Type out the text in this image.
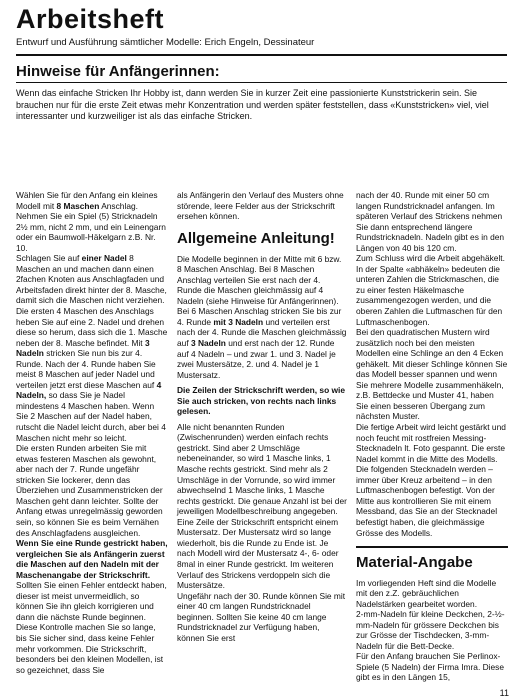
Arbeitsheft
Entwurf und Ausführung sämtlicher Modelle: Erich Engeln, Dessinateur
Hinweise für Anfängerinnen:
Wenn das einfache Stricken Ihr Hobby ist, dann werden Sie in kurzer Zeit eine passionierte Kunststrickerin sein. Sie brauchen nur für die erste Zeit etwas mehr Konzentration und werden später feststellen, dass «Kunststricken» viel, viel interessanter und kurzweiliger ist als das einfache Stricken.

Wählen Sie für den Anfang ein kleines Modell mit 8 Maschen Anschlag. Nehmen Sie ein Spiel (5) Stricknadeln 2½ mm, nicht 2 mm, und ein Leinengarn oder ein Baumwoll-Häkelgarn z.B. Nr. 10.

Schlagen Sie auf einer Nadel 8 Maschen an und machen dann einen 2fachen Knoten aus Anschlagfaden und Arbeitsfaden direkt hinter der 8. Masche, damit sich die Maschen nicht verziehen. Die ersten 4 Maschen des Anschlags heben Sie auf eine 2. Nadel und drehen diese so herum, dass sich die 1. Masche neben der 8. Masche befindet. Mit 3 Nadeln stricken Sie nun bis zur 4. Runde. Nach der 4. Runde haben Sie meist 8 Maschen auf jeder Nadel und verteilen jetzt erst diese Maschen auf 4 Nadeln, so dass Sie je Nadel mindestens 4 Maschen haben. Wenn Sie 2 Maschen auf der Nadel haben, rutscht die Nadel leicht durch, aber bei 4 Maschen nicht mehr so leicht.

Die ersten Runden arbeiten Sie mit etwas festeren Maschen als gewohnt, aber nach der 7. Runde ungefähr stricken Sie lockerer, denn das Überziehen und Zusammenstricken der Maschen geht dann leichter. Sollte der Anfang etwas unregelmässig geworden sein, so können Sie es beim Vernähen des Anschlagfadens ausgleichen.

Wenn Sie eine Runde gestrickt haben, vergleichen Sie als Anfängerin zuerst die Maschen auf den Nadeln mit der Maschenangabe der Strickschrift. Sollten Sie einen Fehler entdeckt haben, dieser ist meist unvermeidlich, so können Sie ihn gleich korrigieren und dann die nächste Runde beginnen. Diese Kontrolle machen Sie so lange, bis Sie sicher sind, dass keine Fehler mehr vorkommen. Die Strickschrift, besonders bei den kleinen Modellen, ist so gezeichnet, dass Sie

als Anfängerin den Verlauf des Musters ohne störende, leere Felder aus der Strickschrift ersehen können.

Allgemeine Anleitung!

Die Modelle beginnen in der Mitte mit 6 bzw. 8 Maschen Anschlag. Bei 8 Maschen Anschlag verteilen Sie erst nach der 4. Runde die Maschen gleichmässig auf 4 Nadeln (siehe Hinweise für Anfängerinnen). Bei 6 Maschen Anschlag stricken Sie bis zur 4. Runde mit 3 Nadeln und verteilen erst nach der 4. Runde die Maschen gleichmässig auf 3 Nadeln und erst nach der 12. Runde auf 4 Nadeln – und zwar 1. und 3. Nadel je zwei Mustersätze, 2. und 4. Nadel je 1 Mustersatz.

Die Zeilen der Strickschrift werden, so wie Sie auch stricken, von rechts nach links gelesen.

Alle nicht benannten Runden (Zwischenrunden) werden einfach rechts gestrickt. Sind aber 2 Umschläge nebeneinander, so wird 1 Masche links, 1 Masche rechts gestrickt. Sind mehr als 2 Umschläge in der Vorrunde, so wird immer abwechselnd 1 Masche links, 1 Masche rechts gestrickt. Die genaue Anzahl ist bei der jeweiligen Modellbeschreibung angegeben.

Eine Zeile der Strickschrift entspricht einem Mustersatz. Der Mustersatz wird so lange wiederholt, bis die Runde zu Ende ist. Je nach Modell wird der Mustersatz 4-, 6- oder 8mal in einer Runde gestrickt. Im weiteren Verlauf des Strickens verdoppeln sich die Mustersätze.

Ungefähr nach der 30. Runde können Sie mit einer 40 cm langen Rundstricknadel beginnen. Sollten Sie keine 40 cm lange Rundstricknadel zur Verfügung haben, können Sie erst

nach der 40. Runde mit einer 50 cm langen Rundstricknadel anfangen. Im späteren Verlauf des Strickens nehmen Sie dann entsprechend längere Rundstricknadeln. Nadeln gibt es in den Längen von 40 bis 120 cm.

Zum Schluss wird die Arbeit abgehäkelt. In der Spalte «abhäkeln» bedeuten die unteren Zahlen die Strickmaschen, die zu einer festen Häkelmasche zusammengezogen werden, und die oberen Zahlen die Luftmaschen für den Luftmaschenbogen.

Bei den quadratischen Mustern wird zusätzlich noch bei den meisten Modellen eine Schlinge an den 4 Ecken gehäkelt. Mit dieser Schlinge können Sie das Modell besser spannen und wenn Sie mehrere Modelle zusammenhäkeln, z.B. Bettdecke und Muster 41, haben Sie einen besseren Übergang zum nächsten Muster.

Die fertige Arbeit wird leicht gestärkt und noch feucht mit rostfreien Messing-Stecknadeln lt. Foto gespannt. Die erste Nadel kommt in die Mitte des Modells. Die folgenden Stecknadeln werden – immer über Kreuz arbeitend – in den Luftmaschenbogen befestigt. Von der Mitte aus kontrollieren Sie mit einem Messband, das Sie an der Stecknadel befestigt haben, die gleichmässige Grösse des Modells.

Material-Angabe

Im vorliegenden Heft sind die Modelle mit den z.Z. gebräuchlichen Nadelstärken gearbeitet worden.

2-mm-Nadeln für kleine Deckchen, 2-½-mm-Nadeln für grössere Deckchen bis zur Grösse der Tischdecken, 3-mm-Nadeln für die Bett-Decke.

Für den Anfang brauchen Sie Perlinox-Spiele (5 Nadeln) der Firma Imra. Diese gibt es in den Längen 15,

11
